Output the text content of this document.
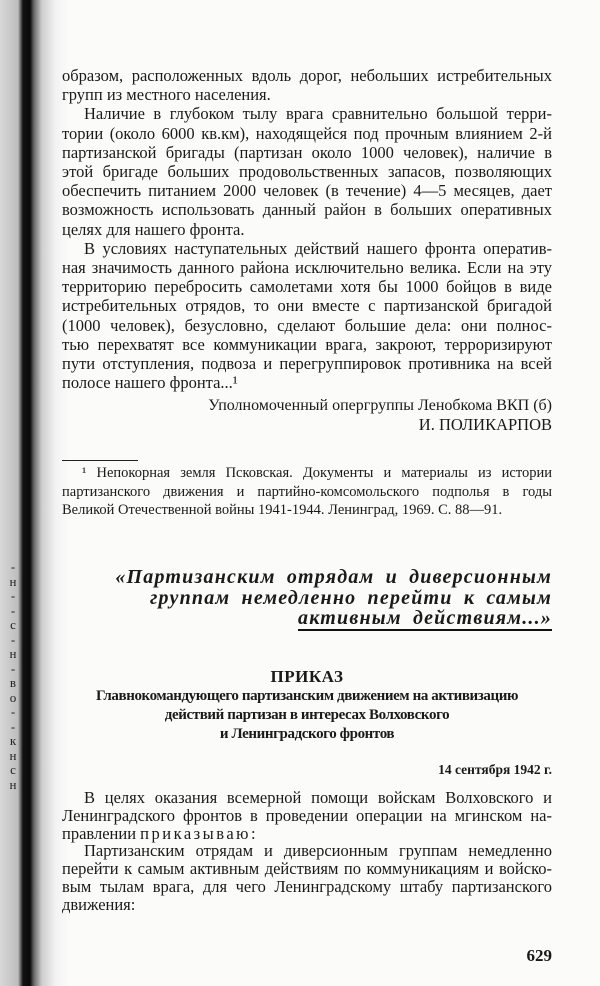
-
н
-
-
с
-
н
-
в
о
-
-
к
н
с
н
образом, расположенных вдоль дорог, небольших истребительных
групп из местного населения.
Наличие в глубоком тылу врага сравнительно большой терри-
тории (около 6000 кв.км), находящейся под прочным влиянием 2-й
партизанской бригады (партизан около 1000 человек), наличие в
этой бригаде больших продовольственных запасов, позволяющих
обеспечить питанием 2000 человек (в течение) 4—5 месяцев, дает
возможность использовать данный район в больших оперативных
целях для нашего фронта.
В условиях наступательных действий нашего фронта оператив-
ная значимость данного района исключительно велика. Если на эту
территорию перебросить самолетами хотя бы 1000 бойцов в виде
истребительных отрядов, то они вместе с партизанской бригадой
(1000 человек), безусловно, сделают большие дела: они полнос-
тью перехватят все коммуникации врага, закроют, терроризируют
пути отступления, подвоза и перегруппировок противника на всей
полосе нашего фронта...¹
Уполномоченный опергруппы Ленобкома ВКП (б)
И. ПОЛИКАРПОВ
¹ Непокорная земля Псковская. Документы и материалы из истории
партизанского движения и партийно-комсомольского подполья в годы
Великой Отечественной войны 1941-1944. Ленинград, 1969. С. 88—91.
«Партизанским отрядам и диверсионным
группам немедленно перейти к самым
активным действиям...»
ПРИКАЗ
Главнокомандующего партизанским движением на активизацию
действий партизан в интересах Волховского
и Ленинградского фронтов
14 сентября 1942 г.
В целях оказания всемерной помощи войскам Волховского и
Ленинградского фронтов в проведении операции на мгинском на-
правлении приказываю:
Партизанским отрядам и диверсионным группам немедленно
перейти к самым активным действиям по коммуникациям и войско-
вым тылам врага, для чего Ленинградскому штабу партизанского
движения:
629
